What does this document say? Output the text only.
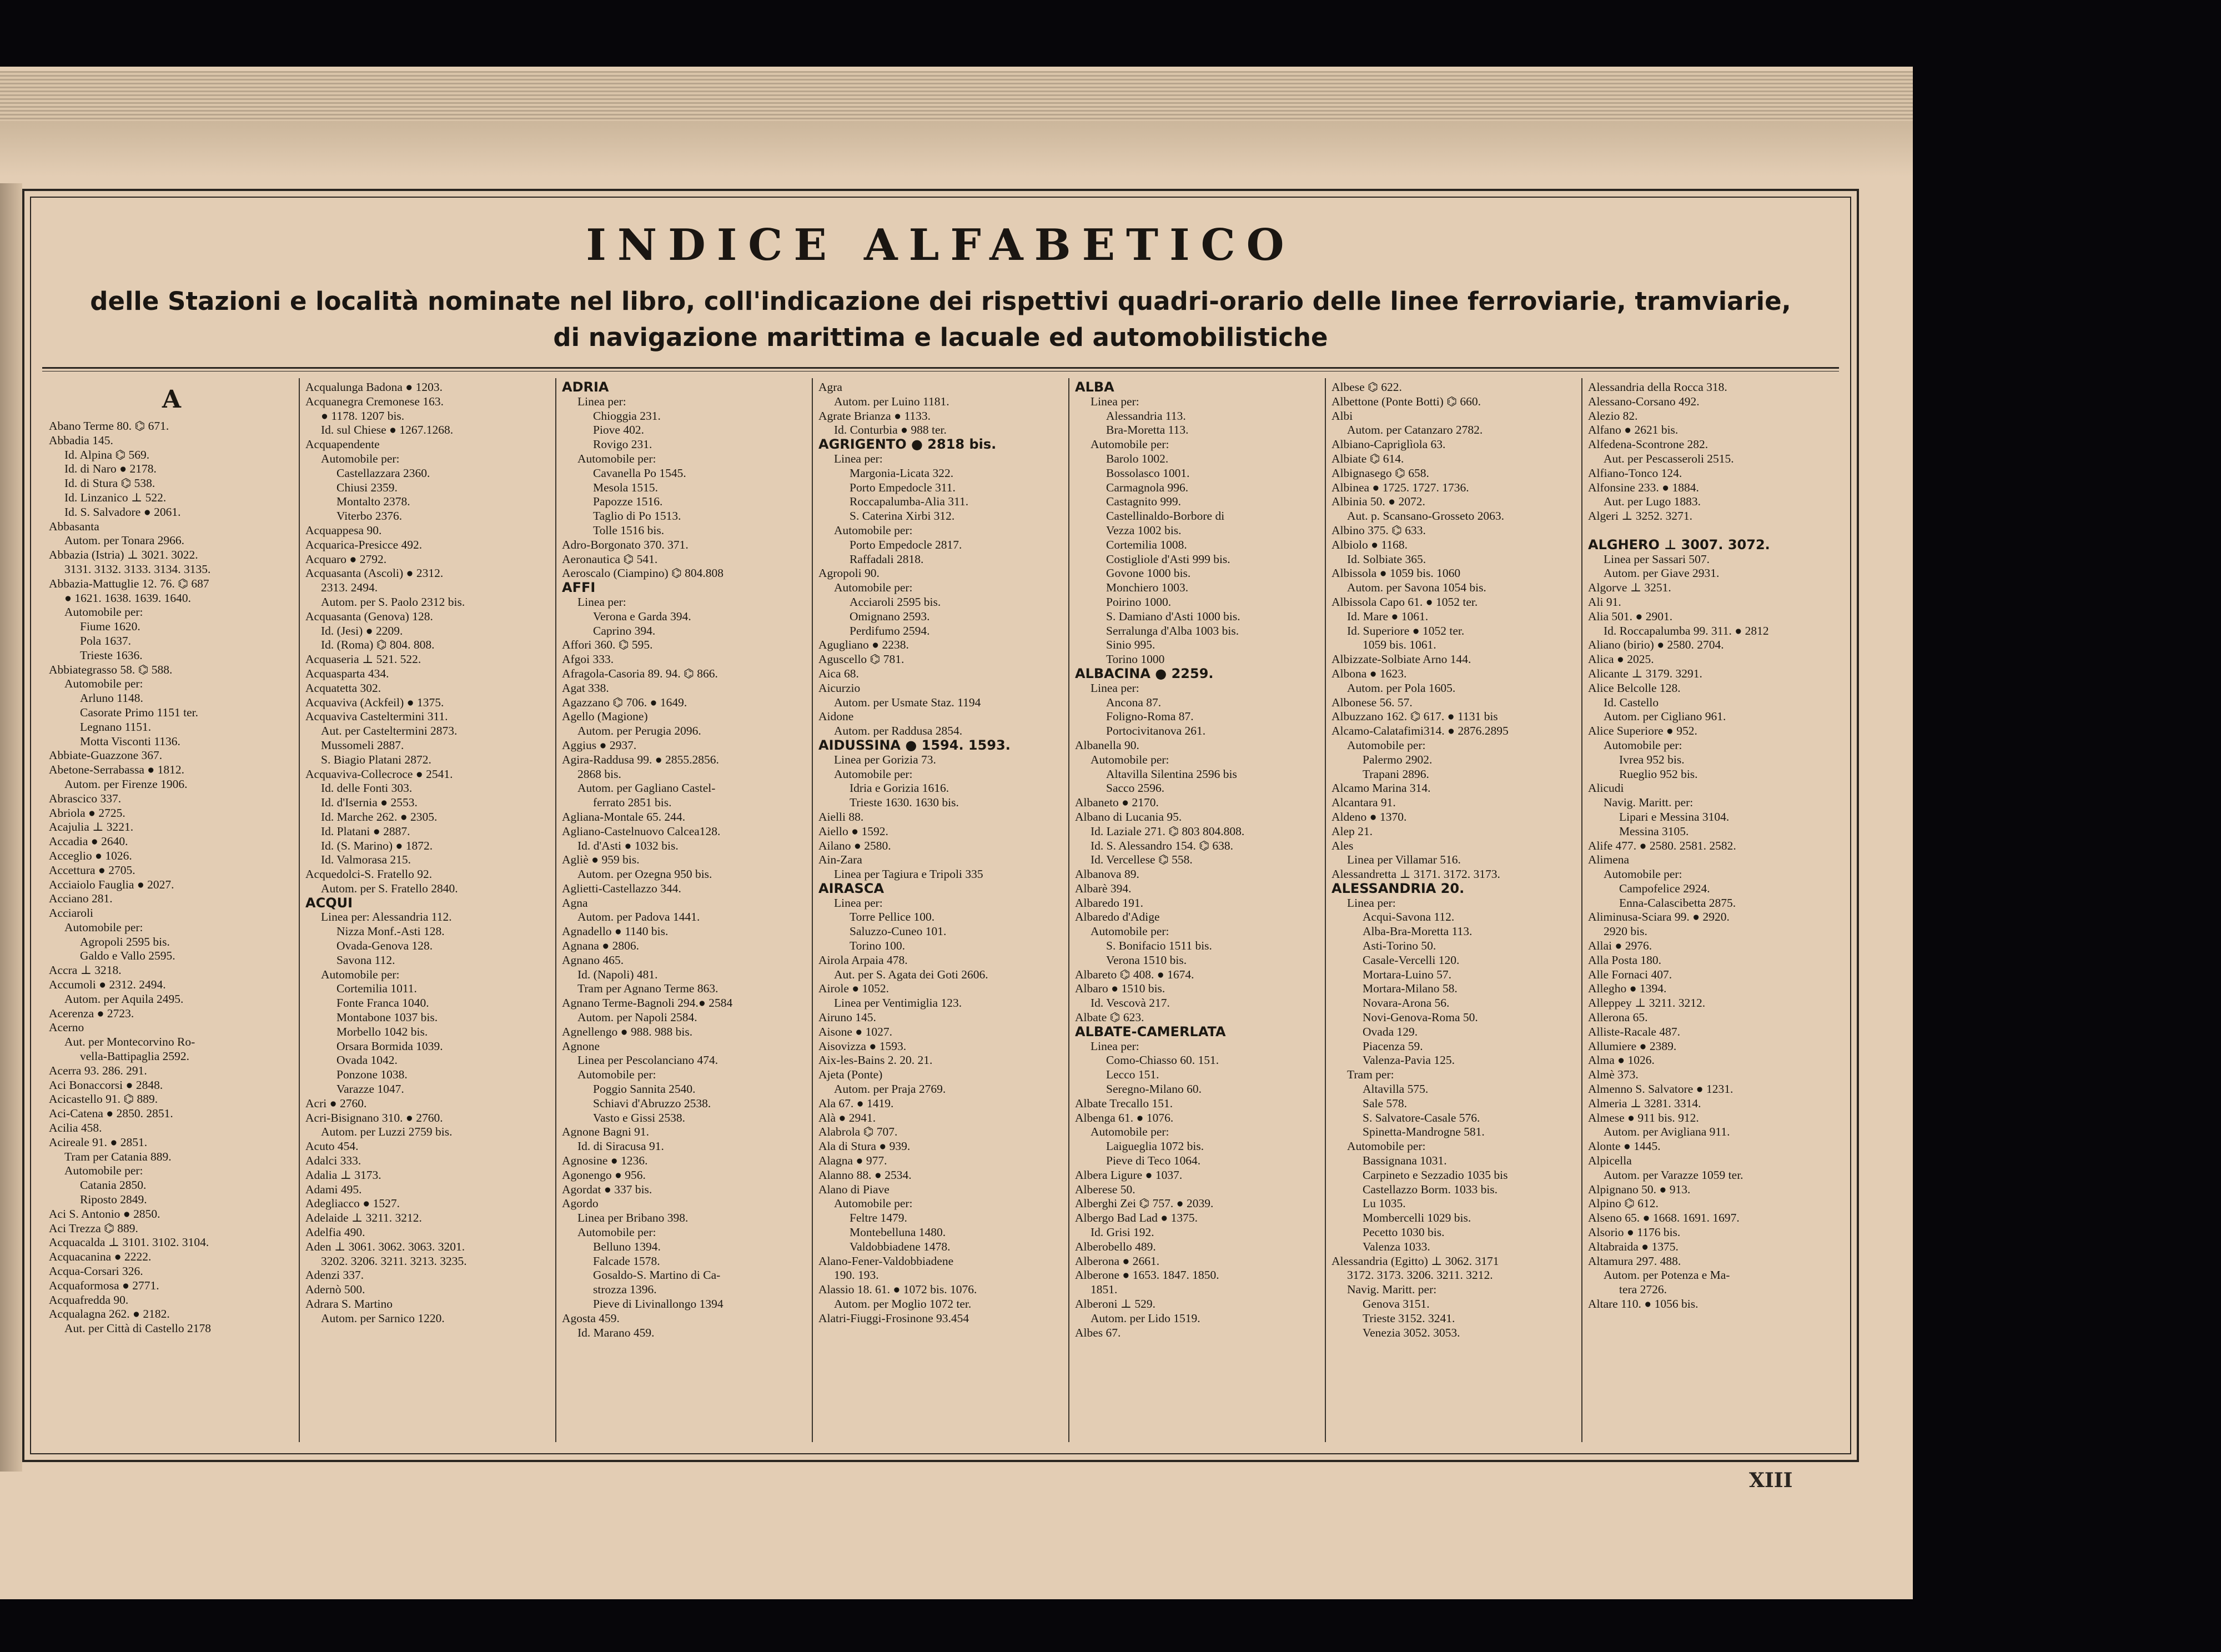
INDICE ALFABETICO
delle Stazioni e località nominate nel libro, coll'indicazione dei rispettivi quadri-orario delle linee ferroviarie, tramviarie,
di navigazione marittima e lacuale ed automobilistiche
A
Abano Terme 80. ⌬ 671.
Abbadia 145.
Id. Alpina ⌬ 569.
Id. di Naro ● 2178.
Id. di Stura ⌬ 538.
Id. Linzanico ⊥ 522.
Id. S. Salvadore ● 2061.
Abbasanta
Autom. per Tonara 2966.
Abbazia (Istria) ⊥ 3021. 3022.
3131. 3132. 3133. 3134. 3135.
Abbazia-Mattuglie 12. 76. ⌬ 687
● 1621. 1638. 1639. 1640.
Automobile per:
Fiume 1620.
Pola 1637.
Trieste 1636.
Abbiategrasso 58. ⌬ 588.
Automobile per:
Arluno 1148.
Casorate Primo 1151 ter.
Legnano 1151.
Motta Visconti 1136.
Abbiate-Guazzone 367.
Abetone-Serrabassa ● 1812.
Autom. per Firenze 1906.
Abrascico 337.
Abriola ● 2725.
Acajulia ⊥ 3221.
Accadia ● 2640.
Acceglio ● 1026.
Accettura ● 2705.
Acciaiolo Fauglia ● 2027.
Acciano 281.
Acciaroli
Automobile per:
Agropoli 2595 bis.
Galdo e Vallo 2595.
Accra ⊥ 3218.
Accumoli ● 2312. 2494.
Autom. per Aquila 2495.
Acerenza ● 2723.
Acerno
Aut. per Montecorvino Ro-
vella-Battipaglia 2592.
Acerra 93. 286. 291.
Aci Bonaccorsi ● 2848.
Acicastello 91. ⌬ 889.
Aci-Catena ● 2850. 2851.
Acilia 458.
Acireale 91. ● 2851.
Tram per Catania 889.
Automobile per:
Catania 2850.
Riposto 2849.
Aci S. Antonio ● 2850.
Aci Trezza ⌬ 889.
Acquacalda ⊥ 3101. 3102. 3104.
Acquacanina ● 2222.
Acqua-Corsari 326.
Acquaformosa ● 2771.
Acquafredda 90.
Acqualagna 262. ● 2182.
Aut. per Città di Castello 2178
Acqualunga Badona ● 1203.
Acquanegra Cremonese 163.
● 1178. 1207 bis.
Id. sul Chiese ● 1267.1268.
Acquapendente
Automobile per:
Castellazzara 2360.
Chiusi 2359.
Montalto 2378.
Viterbo 2376.
Acquappesa 90.
Acquarica-Presicce 492.
Acquaro ● 2792.
Acquasanta (Ascoli) ● 2312.
2313. 2494.
Autom. per S. Paolo 2312 bis.
Acquasanta (Genova) 128.
Id. (Jesi) ● 2209.
Id. (Roma) ⌬ 804. 808.
Acquaseria ⊥ 521. 522.
Acquasparta 434.
Acquatetta 302.
Acquaviva (Ackfeil) ● 1375.
Acquaviva Casteltermini 311.
Aut. per Casteltermini 2873.
Mussomeli 2887.
S. Biagio Platani 2872.
Acquaviva-Collecroce ● 2541.
Id. delle Fonti 303.
Id. d'Isernia ● 2553.
Id. Marche 262. ● 2305.
Id. Platani ● 2887.
Id. (S. Marino) ● 1872.
Id. Valmorasa 215.
Acquedolci-S. Fratello 92.
Autom. per S. Fratello 2840.
ACQUI
Linea per: Alessandria 112.
Nizza Monf.-Asti 128.
Ovada-Genova 128.
Savona 112.
Automobile per:
Cortemilia 1011.
Fonte Franca 1040.
Montabone 1037 bis.
Morbello 1042 bis.
Orsara Bormida 1039.
Ovada 1042.
Ponzone 1038.
Varazze 1047.
Acri ● 2760.
Acri-Bisignano 310. ● 2760.
Autom. per Luzzi 2759 bis.
Acuto 454.
Adalci 333.
Adalia ⊥ 3173.
Adami 495.
Adegliacco ● 1527.
Adelaide ⊥ 3211. 3212.
Adelfia 490.
Aden ⊥ 3061. 3062. 3063. 3201.
3202. 3206. 3211. 3213. 3235.
Adenzi 337.
Adernò 500.
Adrara S. Martino
Autom. per Sarnico 1220.
ADRIA
Linea per:
Chioggia 231.
Piove 402.
Rovigo 231.
Automobile per:
Cavanella Po 1545.
Mesola 1515.
Papozze 1516.
Taglio di Po 1513.
Tolle 1516 bis.
Adro-Borgonato 370. 371.
Aeronautica ⌬ 541.
Aeroscalo (Ciampino) ⌬ 804.808
AFFI
Linea per:
Verona e Garda 394.
Caprino 394.
Affori 360. ⌬ 595.
Afgoi 333.
Afragola-Casoria 89. 94. ⌬ 866.
Agat 338.
Agazzano ⌬ 706. ● 1649.
Agello (Magione)
Autom. per Perugia 2096.
Aggius ● 2937.
Agira-Raddusa 99. ● 2855.2856.
2868 bis.
Autom. per Gagliano Castel-
ferrato 2851 bis.
Agliana-Montale 65. 244.
Agliano-Castelnuovo Calcea128.
Id. d'Asti ● 1032 bis.
Agliè ● 959 bis.
Autom. per Ozegna 950 bis.
Aglietti-Castellazzo 344.
Agna
Autom. per Padova 1441.
Agnadello ● 1140 bis.
Agnana ● 2806.
Agnano 465.
Id. (Napoli) 481.
Tram per Agnano Terme 863.
Agnano Terme-Bagnoli 294.● 2584
Autom. per Napoli 2584.
Agnellengo ● 988. 988 bis.
Agnone
Linea per Pescolanciano 474.
Automobile per:
Poggio Sannita 2540.
Schiavi d'Abruzzo 2538.
Vasto e Gissi 2538.
Agnone Bagni 91.
Id. di Siracusa 91.
Agnosine ● 1236.
Agonengo ● 956.
Agordat ● 337 bis.
Agordo
Linea per Bribano 398.
Automobile per:
Belluno 1394.
Falcade 1578.
Gosaldo-S. Martino di Ca-
strozza 1396.
Pieve di Livinallongo 1394
Agosta 459.
Id. Marano 459.
Agra
Autom. per Luino 1181.
Agrate Brianza ● 1133.
Id. Conturbia ● 988 ter.
AGRIGENTO ● 2818 bis.
Linea per:
Margonia-Licata 322.
Porto Empedocle 311.
Roccapalumba-Alia 311.
S. Caterina Xirbi 312.
Automobile per:
Porto Empedocle 2817.
Raffadali 2818.
Agropoli 90.
Automobile per:
Acciaroli 2595 bis.
Omignano 2593.
Perdifumo 2594.
Agugliano ● 2238.
Aguscello ⌬ 781.
Aica 68.
Aicurzio
Autom. per Usmate Staz. 1194
Aidone
Autom. per Raddusa 2854.
AIDUSSINA ● 1594. 1593.
Linea per Gorizia 73.
Automobile per:
Idria e Gorizia 1616.
Trieste 1630. 1630 bis.
Aielli 88.
Aiello ● 1592.
Ailano ● 2580.
Ain-Zara
Linea per Tagiura e Tripoli 335
AIRASCA
Linea per:
Torre Pellice 100.
Saluzzo-Cuneo 101.
Torino 100.
Airola Arpaia 478.
Aut. per S. Agata dei Goti 2606.
Airole ● 1052.
Linea per Ventimiglia 123.
Airuno 145.
Aisone ● 1027.
Aisovizza ● 1593.
Aix-les-Bains 2. 20. 21.
Ajeta (Ponte)
Autom. per Praja 2769.
Ala 67. ● 1419.
Alà ● 2941.
Alabrola ⌬ 707.
Ala di Stura ● 939.
Alagna ● 977.
Alanno 88. ● 2534.
Alano di Piave
Automobile per:
Feltre 1479.
Montebelluna 1480.
Valdobbiadene 1478.
Alano-Fener-Valdobbiadene
190. 193.
Alassio 18. 61. ● 1072 bis. 1076.
Autom. per Moglio 1072 ter.
Alatri-Fiuggi-Frosinone 93.454
ALBA
Linea per:
Alessandria 113.
Bra-Moretta 113.
Automobile per:
Barolo 1002.
Bossolasco 1001.
Carmagnola 996.
Castagnito 999.
Castellinaldo-Borbore di
Vezza 1002 bis.
Cortemilia 1008.
Costigliole d'Asti 999 bis.
Govone 1000 bis.
Monchiero 1003.
Poirino 1000.
S. Damiano d'Asti 1000 bis.
Serralunga d'Alba 1003 bis.
Sinio 995.
Torino 1000
ALBACINA ● 2259.
Linea per:
Ancona 87.
Foligno-Roma 87.
Portocivitanova 261.
Albanella 90.
Automobile per:
Altavilla Silentina 2596 bis
Sacco 2596.
Albaneto ● 2170.
Albano di Lucania 95.
Id. Laziale 271. ⌬ 803 804.808.
Id. S. Alessandro 154. ⌬ 638.
Id. Vercellese ⌬ 558.
Albanova 89.
Albarè 394.
Albaredo 191.
Albaredo d'Adige
Automobile per:
S. Bonifacio 1511 bis.
Verona 1510 bis.
Albareto ⌬ 408. ● 1674.
Albaro ● 1510 bis.
Id. Vescovà 217.
Albate ⌬ 623.
ALBATE-CAMERLATA
Linea per:
Como-Chiasso 60. 151.
Lecco 151.
Seregno-Milano 60.
Albate Trecallo 151.
Albenga 61. ● 1076.
Automobile per:
Laigueglia 1072 bis.
Pieve di Teco 1064.
Albera Ligure ● 1037.
Alberese 50.
Alberghi Zei ⌬ 757. ● 2039.
Albergo Bad Lad ● 1375.
Id. Grisi 192.
Alberobello 489.
Alberona ● 2661.
Alberone ● 1653. 1847. 1850.
1851.
Alberoni ⊥ 529.
Autom. per Lido 1519.
Albes 67.
Albese ⌬ 622.
Albettone (Ponte Botti) ⌬ 660.
Albi
Autom. per Catanzaro 2782.
Albiano-Capriglìola 63.
Albiate ⌬ 614.
Albignasego ⌬ 658.
Albinea ● 1725. 1727. 1736.
Albinia 50. ● 2072.
Aut. p. Scansano-Grosseto 2063.
Albino 375. ⌬ 633.
Albiolo ● 1168.
Id. Solbiate 365.
Albissola ● 1059 bis. 1060
Autom. per Savona 1054 bis.
Albissola Capo 61. ● 1052 ter.
Id. Mare ● 1061.
Id. Superiore ● 1052 ter.
1059 bis. 1061.
Albizzate-Solbiate Arno 144.
Albona ● 1623.
Autom. per Pola 1605.
Albonese 56. 57.
Albuzzano 162. ⌬ 617. ● 1131 bis
Alcamo-Calatafimi314. ● 2876.2895
Automobile per:
Palermo 2902.
Trapani 2896.
Alcamo Marina 314.
Alcantara 91.
Aldeno ● 1370.
Alep 21.
Ales
Linea per Villamar 516.
Alessandretta ⊥ 3171. 3172. 3173.
ALESSANDRIA 20.
Linea per:
Acqui-Savona 112.
Alba-Bra-Moretta 113.
Asti-Torino 50.
Casale-Vercelli 120.
Mortara-Luino 57.
Mortara-Milano 58.
Novara-Arona 56.
Novi-Genova-Roma 50.
Ovada 129.
Piacenza 59.
Valenza-Pavia 125.
Tram per:
Altavilla 575.
Sale 578.
S. Salvatore-Casale 576.
Spinetta-Mandrogne 581.
Automobile per:
Bassignana 1031.
Carpineto e Sezzadio 1035 bis
Castellazzo Borm. 1033 bis.
Lu 1035.
Mombercelli 1029 bis.
Pecetto 1030 bis.
Valenza 1033.
Alessandria (Egitto) ⊥ 3062. 3171
3172. 3173. 3206. 3211. 3212.
Navig. Maritt. per:
Genova 3151.
Trieste 3152. 3241.
Venezia 3052. 3053.
Alessandria della Rocca 318.
Alessano-Corsano 492.
Alezio 82.
Alfano ● 2621 bis.
Alfedena-Scontrone 282.
Aut. per Pescasseroli 2515.
Alfiano-Tonco 124.
Alfonsine 233. ● 1884.
Aut. per Lugo 1883.
Algeri ⊥ 3252. 3271.

ALGHERO ⊥ 3007. 3072.
Linea per Sassari 507.
Autom. per Giave 2931.
Algorve ⊥ 3251.
Ali 91.
Alia 501. ● 2901.
Id. Roccapalumba 99. 311. ● 2812
Aliano (birio) ● 2580. 2704.
Alica ● 2025.
Alicante ⊥ 3179. 3291.
Alice Belcolle 128.
Id. Castello
Autom. per Cigliano 961.
Alice Superiore ● 952.
Automobile per:
Ivrea 952 bis.
Rueglio 952 bis.
Alicudi
Navig. Maritt. per:
Lipari e Messina 3104.
Messina 3105.
Alife 477. ● 2580. 2581. 2582.
Alimena
Automobile per:
Campofelice 2924.
Enna-Calascibetta 2875.
Aliminusa-Sciara 99. ● 2920.
2920 bis.
Allai ● 2976.
Alla Posta 180.
Alle Fornaci 407.
Allegho ● 1394.
Alleppey ⊥ 3211. 3212.
Allerona 65.
Alliste-Racale 487.
Allumiere ● 2389.
Alma ● 1026.
Almè 373.
Almenno S. Salvatore ● 1231.
Almeria ⊥ 3281. 3314.
Almese ● 911 bis. 912.
Autom. per Avigliana 911.
Alonte ● 1445.
Alpicella
Autom. per Varazze 1059 ter.
Alpignano 50. ● 913.
Alpino ⌬ 612.
Alseno 65. ● 1668. 1691. 1697.
Alsorio ● 1176 bis.
Altabraida ● 1375.
Altamura 297. 488.
Autom. per Potenza e Ma-
tera 2726.
Altare 110. ● 1056 bis.
XIII
